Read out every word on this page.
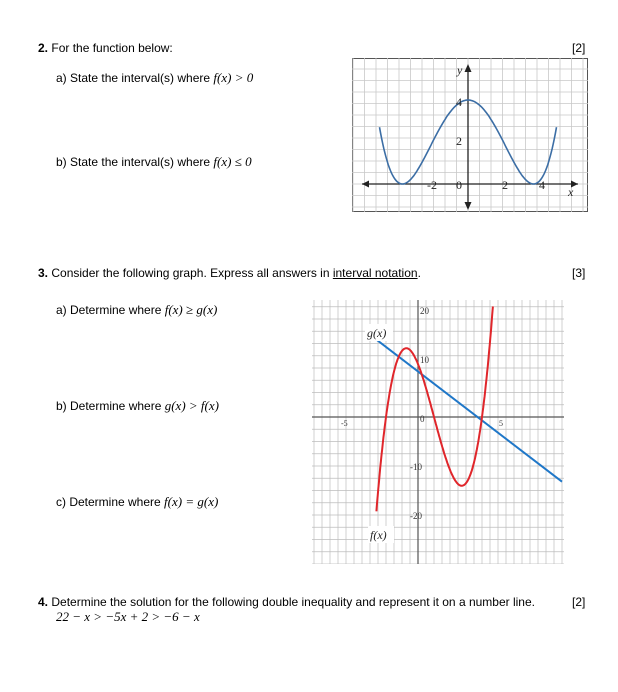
2. For the function below:	[2]
a) State the interval(s) where f(x) > 0
b) State the interval(s) where f(x) ≤ 0
y
x
4
2
-2 0	2	4
3. Consider the following graph. Express all answers in interval notation.	[3]
a) Determine where f(x) ≥ g(x)
b) Determine where g(x) > f(x)
c) Determine where f(x) = g(x)
20
10
0
-10
-20
-5	5
g(x)
f(x)
4. Determine the solution for the following double inequality and represent it on a number line.	[2]
22 − x > −5x + 2 > −6 − x
